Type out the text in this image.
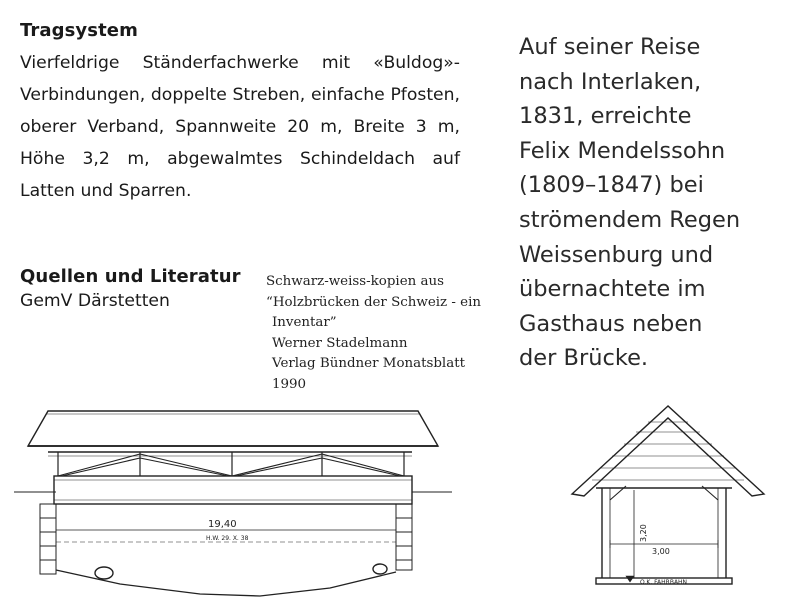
Tragsystem

Vierfeldrige Ständerfachwerke mit «Buldog»-Verbindungen, doppelte Streben, einfache Pfosten, oberer Verband, Spannweite 20 m, Breite 3 m, Höhe 3,2 m, abgewalmtes Schindeldach auf Latten und Sparren.

Quellen und Literatur
GemV Därstetten
Auf seiner Reise
nach Interlaken,
1831, erreichte
Felix Mendelssohn
(1809–1847) bei
strömendem Regen
Weissenburg und
übernachtete im
Gasthaus neben
der Brücke.
Schwarz-weiss-kopien aus
“Holzbrücken der Schweiz - ein
Inventar”
Werner Stadelmann
Verlag Bündner Monatsblatt
1990
19,40
H.W. 29. X. 38	3,20
3,00
O.K. FAHRBAHN
